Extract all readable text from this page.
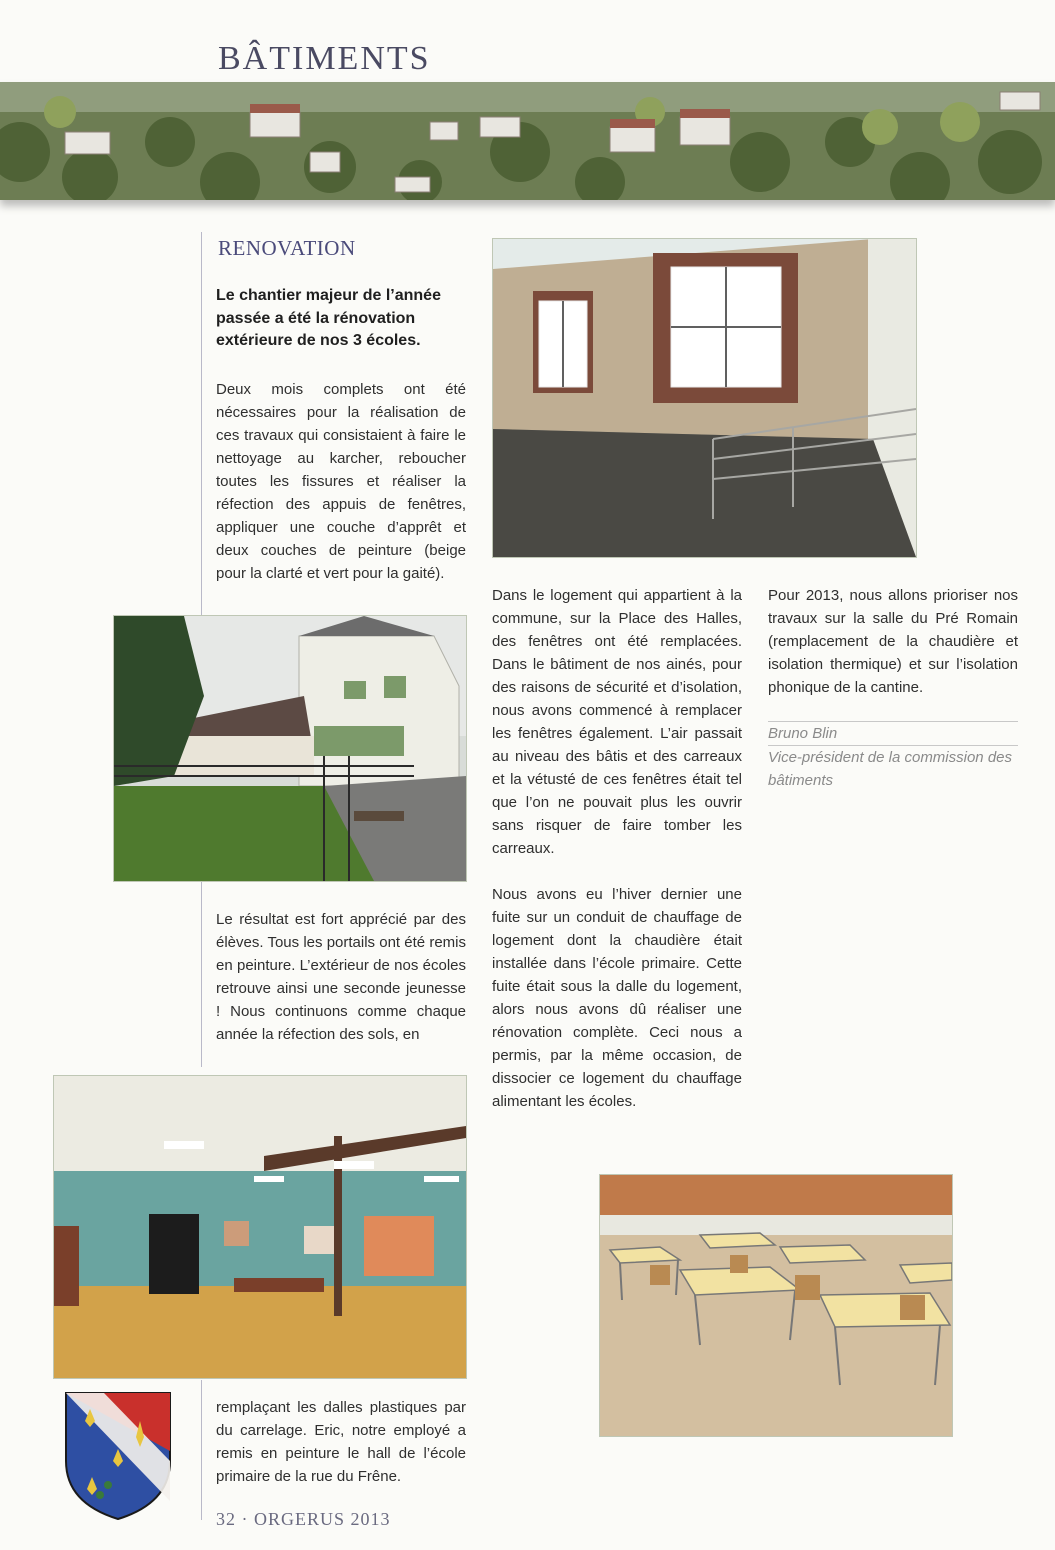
BÂTIMENTS
RENOVATION

Le chantier majeur de l’année passée a été la rénovation extérieure de nos 3 écoles.

Deux mois complets ont été nécessaires pour la réalisation de ces travaux qui consistaient à faire le nettoyage au karcher, reboucher toutes les fissures et réaliser la réfection des appuis de fenêtres, appliquer une couche d’apprêt et deux couches de peinture (beige pour la clarté et vert pour la gaité).

Le résultat est fort apprécié par des élèves. Tous les portails ont été remis en peinture. L’extérieur de nos écoles retrouve ainsi une seconde jeunesse ! Nous continuons comme chaque année la réfection des sols, en

remplaçant les dalles plastiques par du carrelage. Eric, notre employé a remis en peinture le hall de l’école primaire de la rue du Frêne.

Dans le logement qui appartient à la commune, sur la Place des Halles, des fenêtres ont été remplacées. Dans le bâtiment de nos ainés, pour des raisons de sécurité et d’isolation, nous avons commencé à remplacer les fenêtres également. L’air passait au niveau des bâtis et des carreaux et la vétusté de ces fenêtres était tel que l’on ne pouvait plus les ouvrir sans risquer de faire tomber les carreaux.

Nous avons eu l’hiver dernier une fuite sur un conduit de chauffage de logement dont la chaudière était installée dans l’école primaire. Cette fuite était sous la dalle du logement, alors nous avons dû réaliser une rénovation complète. Ceci nous a permis, par la même occasion, de dissocier ce logement du chauffage alimentant les écoles.

Pour 2013, nous allons prioriser nos travaux sur la salle du Pré Romain (remplacement de la chaudière et isolation thermique) et sur l’isolation phonique de la cantine.

Bruno Blin

Vice-président de la commission des bâtiments

32 · ORGERUS 2013
